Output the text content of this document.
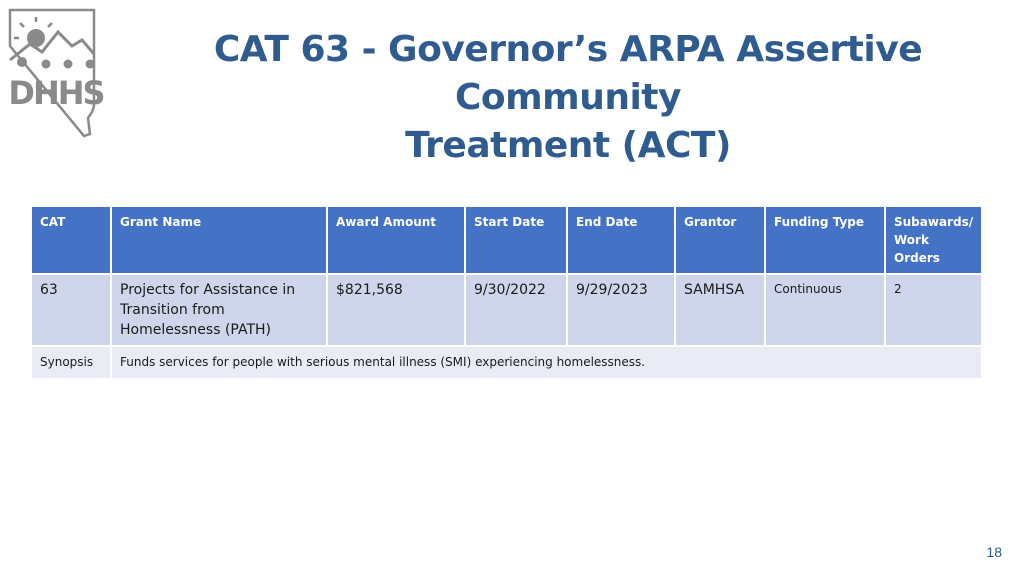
DHHS
CAT 63 - Governor’s ARPA Assertive Community
Treatment (ACT)
CAT	Grant Name	Award Amount	Start Date	End Date	Grantor	Funding Type	Subawards/ Work Orders
63	Projects for Assistance in Transition from Homelessness (PATH)	$821,568	9/30/2022	9/29/2023	SAMHSA	Continuous	2
Synopsis	Funds services for people with serious mental illness (SMI) experiencing homelessness.						
18
